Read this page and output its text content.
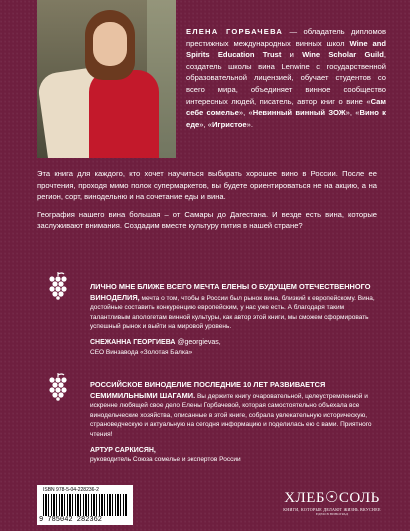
ЕЛЕНА ГОРБАЧЕВА — обладатель дипломов престижных международных винных школ Wine and Spirits Education Trust и Wine Scholar Guild, создатель школы вина Lenwine с государственной образовательной лицензией, обучает студентов со всего мира, объединяет винное сообщество интересных людей, писатель, автор книг о вине «Сам себе сомелье», «Невинный винный ЗОЖ», «Вино к еде», «Игристое».

Эта книга для каждого, кто хочет научиться выбирать хорошее вино в России. После ее прочтения, проходя мимо полок супермаркетов, вы будете ориентироваться не на акцию, а на регион, сорт, винодельню и на сочетание еды и вина.

География нашего вина большая – от Самары до Дагестана. И везде есть вина, которые заслуживают внимания. Создадим вместе культуру пития в нашей стране?

ЛИЧНО МНЕ БЛИЖЕ ВСЕГО МЕЧТА ЕЛЕНЫ О БУДУЩЕМ ОТЕЧЕСТВЕННОГО ВИНОДЕЛИЯ, мечта о том, чтобы в России был рынок вина, близкий к европейскому. Вина, достойные составить конкуренцию европейским, у нас уже есть. А благодаря таким талантливым апологетам винной культуры, как автор этой книги, мы сможем сформировать успешный рынок и выйти на мировой уровень.
СНЕЖАННА ГЕОРГИЕВА @georgievas,
CEO Винзавода «Золотая Балка»
РОССИЙСКОЕ ВИНОДЕЛИЕ ПОСЛЕДНИЕ 10 ЛЕТ РАЗВИВАЕТСЯ СЕМИМИЛЬНЫМИ ШАГАМИ. Вы держите книгу очаровательной, целеустремленной и искренне любящей свое дело Елены Горбачевой, которая самостоятельно объехала все винодельческие хозяйства, описанные в этой книге, собрала увлекательную историческую, страноведческую и актуальную на сегодня информацию и поделилась ею с вами. Приятного чтения!
АРТУР САРКИСЯН,
руководитель Союза сомелье и экспертов России
ISBN 978-5-04-228236-2
9 785042 282362
ХЛЕБ☉СОЛЬ
КНИГИ, КОТОРЫЕ ДЕЛАЮТ ЖИЗНЬ ВКУСНЕЕ
ЕДЕМ В ВИНОГРАД
